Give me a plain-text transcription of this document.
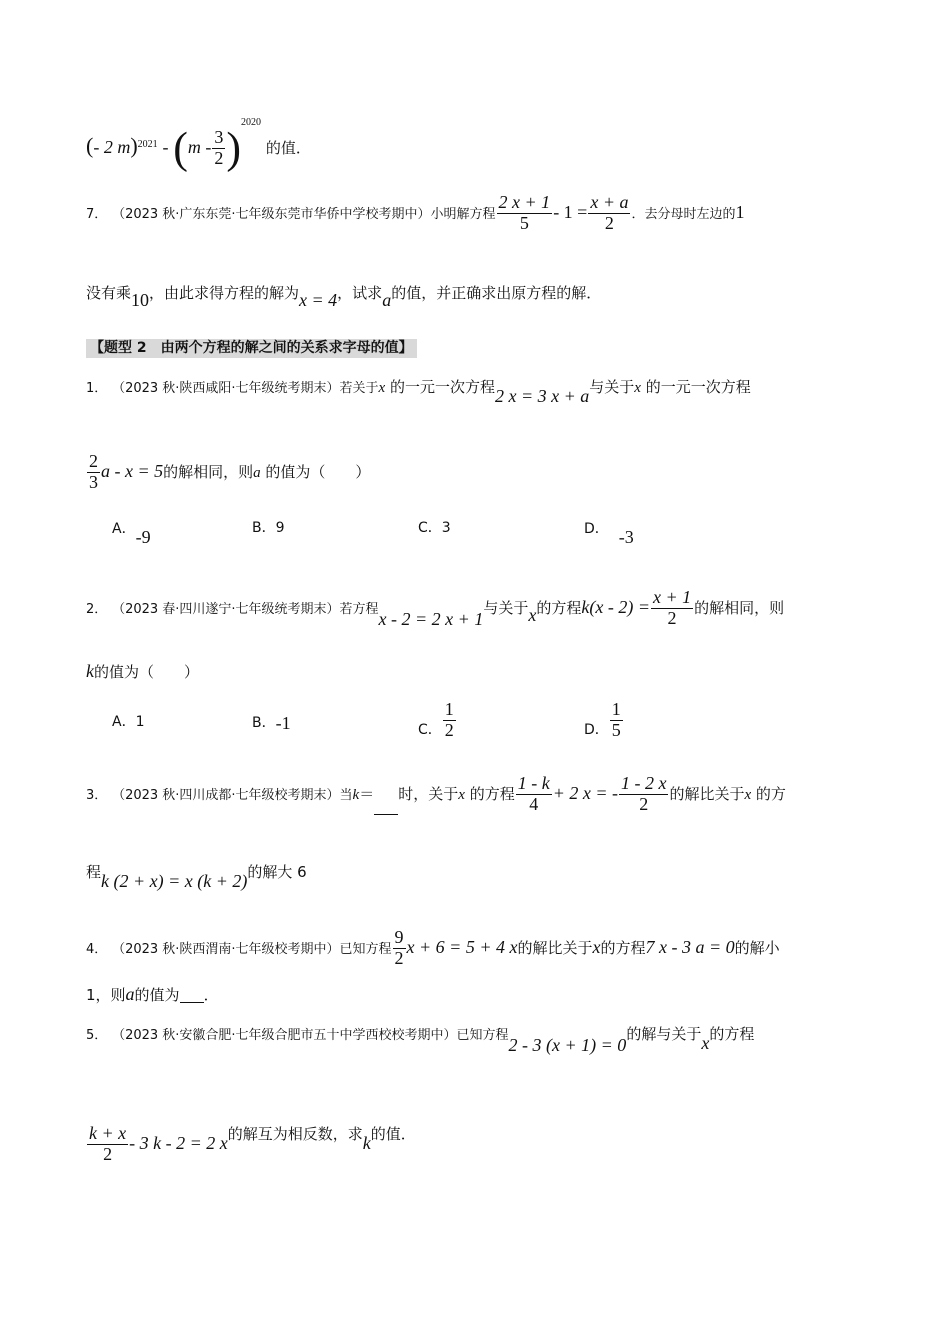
(- 2 $m)^{2021} - (m - \frac{3}{2} )^{2020}$ 的值．
7． （2023 秋·广东东莞·七年级东莞市华侨中学校考期中）小明解方程 $\frac{2 x + 1}{5} - 1 = \frac{x + a}{2}$ ．去分母时左边的1
没有乘10，由此求得方程的解为x = 4，试求a的值，并正确求出原方程的解．
【题型 2　由两个方程的解之间的关系求字母的值】
1． （2023 秋·陕西咸阳·七年级统考期末）若关于x 的一元一次方程2 x = 3 x + a与关于x 的一元一次方程
$\frac{2}{3}$ a - x = 5的解相同，则a 的值为（　　）
A．-9	B．9	C．3	D． -3
2． （2023 春·四川遂宁·七年级统考期末）若方程x - 2 = 2 x + 1与关于x的方程$k(x - 2) = \frac{x + 1}{2}$ 的解相同，则
k的值为（　　）
A．1	B．-1	C． $\frac{1}{2}$	D． $\frac{1}{5}$
3． （2023 秋·四川成都·七年级校考期末）当k＝ 时，关于x 的方程 $\frac{1 - k}{4} + 2$ x = - $\frac{1 - 2 x}{2}$ 的解比关于x 的方
程k (2 + x) = x (k + 2)的解大 6
4． （2023 秋·陕西渭南·七年级校考期中）已知方程 $\frac{9}{2}$ x + 6 = 5 + 4 x的解比关于x的方程7 x - 3 a = 0的解小
1，则a的值为 ．
5． （2023 秋·安徽合肥·七年级合肥市五十中学西校校考期中）已知方程2 - 3 (x + 1) = 0的解与关于x的方程
$\frac{k + x}{2} - 3$ k - 2 = 2 x的解互为相反数，求k的值．
